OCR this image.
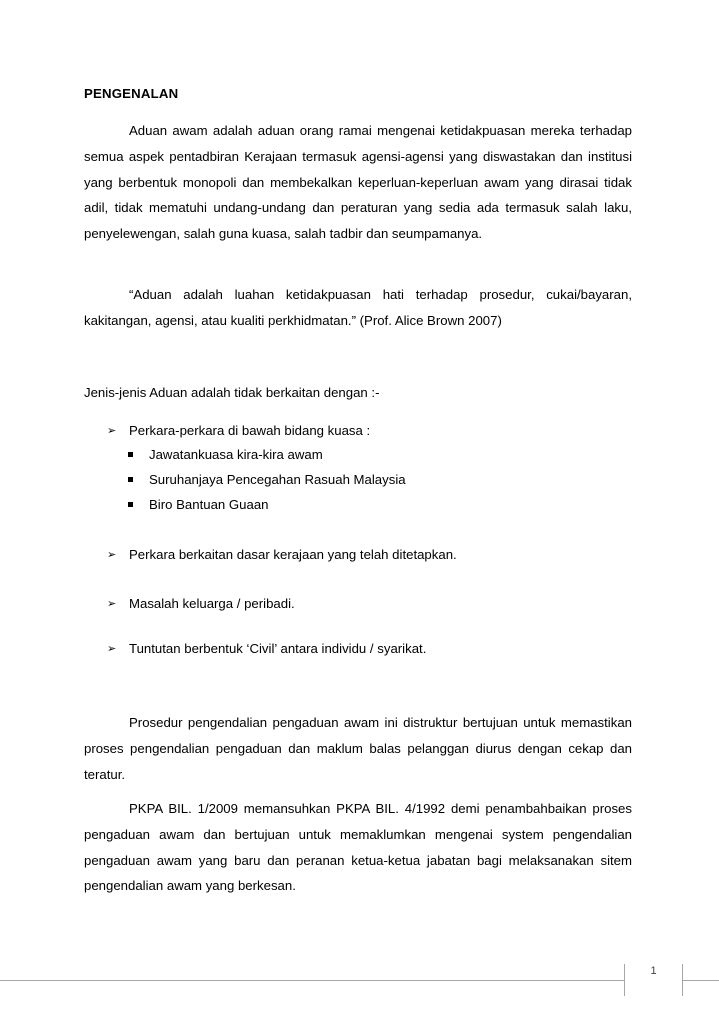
PENGENALAN

Aduan awam adalah aduan orang ramai mengenai ketidakpuasan mereka terhadap semua aspek pentadbiran Kerajaan termasuk agensi-agensi yang diswastakan dan institusi yang berbentuk monopoli dan membekalkan keperluan-keperluan awam yang dirasai tidak adil, tidak mematuhi undang-undang dan peraturan yang sedia ada termasuk salah laku, penyelewengan, salah guna kuasa, salah tadbir dan seumpamanya.

“Aduan adalah luahan ketidakpuasan hati terhadap prosedur, cukai/bayaran, kakitangan, agensi, atau kualiti perkhidmatan.” (Prof. Alice Brown 2007)

Jenis-jenis Aduan adalah tidak berkaitan dengan :-

➢ Perkara-perkara di bawah bidang kuasa :
Jawatankuasa kira-kira awam
Suruhanjaya Pencegahan Rasuah Malaysia
Biro Bantuan Guaan
➢ Perkara berkaitan dasar kerajaan yang telah ditetapkan.
➢ Masalah keluarga / peribadi.
➢ Tuntutan berbentuk ‘Civil’ antara individu / syarikat.

Prosedur pengendalian pengaduan awam ini distruktur bertujuan untuk memastikan proses pengendalian pengaduan dan maklum balas pelanggan diurus dengan cekap dan teratur.

PKPA BIL. 1/2009 memansuhkan PKPA BIL. 4/1992 demi penambahbaikan proses pengaduan awam dan bertujuan untuk memaklumkan mengenai system pengendalian pengaduan awam yang baru dan peranan ketua-ketua jabatan bagi melaksanakan sitem pengendalian awam yang berkesan.

1
